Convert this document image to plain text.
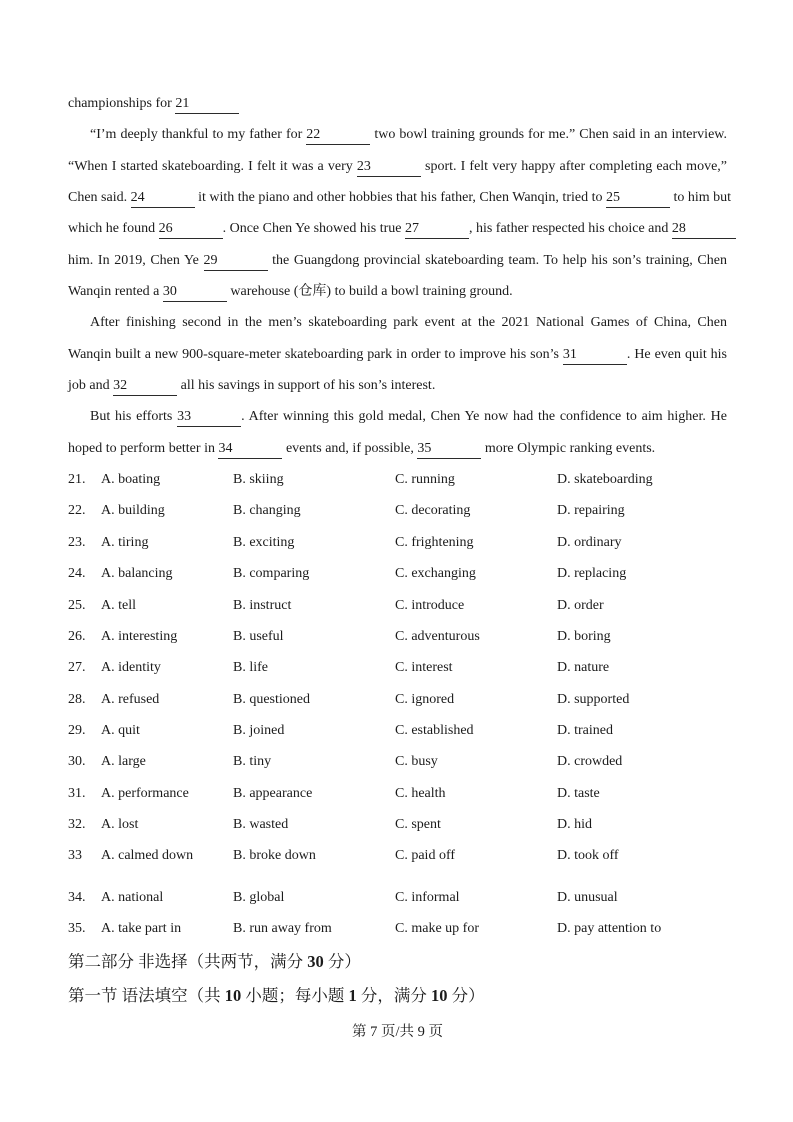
championships for 21
“I’m deeply thankful to my father for 22	two bowl training grounds for me.” Chen said in an interview.
“When I started skateboarding. I felt it was a very 23	sport. I felt very happy after completing each move,”
Chen said. 24	it with the piano and other hobbies that his father, Chen Wanqin, tried to 25	to him but
which he found 26	. Once Chen Ye showed his true 27	, his father respected his choice and 28
him. In 2019, Chen Ye 29	the Guangdong provincial skateboarding team. To help his son’s training, Chen
Wanqin rented a 30	warehouse (仓库) to build a bowl training ground.
After finishing second in the men’s skateboarding park event at the 2021 National Games of China, Chen
Wanqin built a new 900-square-meter skateboarding park in order to improve his son’s 31	. He even quit his
job and 32	all his savings in support of his son’s interest.
But his efforts 33	. After winning this gold medal, Chen Ye now had the confidence to aim higher. He
hoped to perform better in 34	events and, if possible, 35	more Olympic ranking events.
21. A. boating	B. skiing	C. running	D. skateboarding
22. A. building	B. changing	C. decorating	D. repairing
23. A. tiring	B. exciting	C. frightening	D. ordinary
24. A. balancing	B. comparing	C. exchanging	D. replacing
25. A. tell	B. instruct	C. introduce	D. order
26. A. interesting	B. useful	C. adventurous	D. boring
27. A. identity	B. life	C. interest	D. nature
28. A. refused	B. questioned	C. ignored	D. supported
29. A. quit	B. joined	C. established	D. trained
30. A. large	B. tiny	C. busy	D. crowded
31. A. performance	B. appearance	C. health	D. taste
32. A. lost	B. wasted	C. spent	D. hid
33 A. calmed down	B. broke down	C. paid off	D. took off
34. A. national	B. global	C. informal	D. unusual
35. A. take part in	B. run away from	C. make up for	D. pay attention to
第二部分 非选择（共两节，满分 30 分）
第一节 语法填空（共 10 小题；每小题 1 分，满分 10 分）
第 7 页/共 9 页
